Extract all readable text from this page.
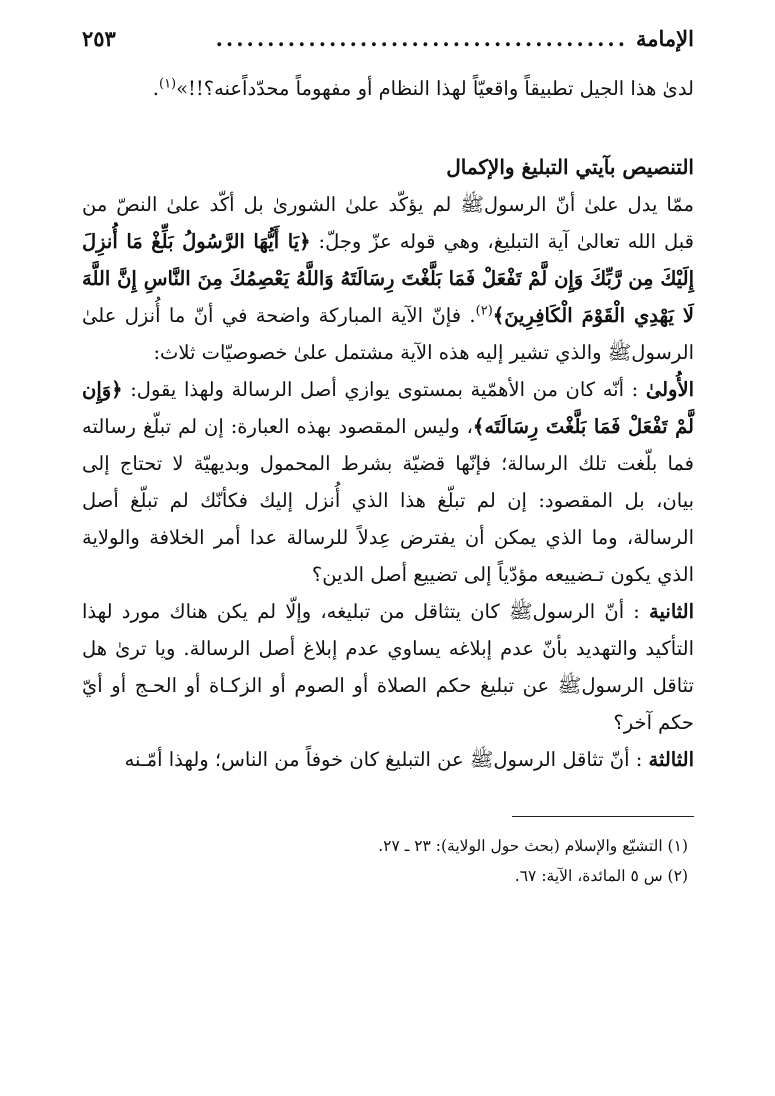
الإمامة
........................................
٢٥٣

لدىٰ هذا الجيل تطبيقاً واقعيّاً لهذا النظام أو مفهوماً محدّداًعنه؟!!»$^{(١)}$.

التنصيص بآيتي التبليغ والإكمال

ممّا يدل علىٰ أنّ الرسولﷺ لم يؤكّد علىٰ الشورىٰ بل أكّد علىٰ النصّ من قبل الله تعالىٰ آية التبليغ، وهي قوله عزّ وجلّ: ﴿يَا أَيُّهَا الرَّسُولُ بَلِّغْ مَا أُنزِلَ إِلَيْكَ مِن رَّبِّكَ وَإِن لَّمْ تَفْعَلْ فَمَا بَلَّغْتَ رِسَالَتَهُ وَاللَّهُ يَعْصِمُكَ مِنَ النَّاسِ إِنَّ اللَّهَ لَا يَهْدِي الْقَوْمَ الْكَافِرِينَ﴾$^{(٢)}$. فإنّ الآية المباركة واضحة في أنّ ما أُنزل علىٰ الرسولﷺ والذي تشير إليه هذه الآية مشتمل علىٰ خصوصيّات ثلاث:

الأُولىٰ : أنّه كان من الأهمّية بمستوى يوازي أصل الرسالة ولهذا يقول: ﴿وَإِن لَّمْ تَفْعَلْ فَمَا بَلَّغْتَ رِسَالَتَه﴾، وليس المقصود بهذه العبارة: إن لم تبلّغ رسالته فما بلّغت تلك الرسالة؛ فإنّها قضيّة بشرط المحمول وبديهيّة لا تحتاج إلى بيان، بل المقصود: إن لم تبلّغ هذا الذي أُنزل إليك فكأنّك لم تبلّغ أصل الرسالة، وما الذي يمكن أن يفترض عِدلاً للرسالة عدا أمر الخلافة والولاية الذي يكون تـضييعه مؤدّياً إلى تضييع أصل الدين؟

الثانية : أنّ الرسولﷺ كان يتثاقل من تبليغه، وإلّا لم يكن هناك مورد لهذا التأكيد والتهديد بأنّ عدم إبلاغه يساوي عدم إبلاغ أصل الرسالة. ويا ترىٰ هل تثاقل الرسولﷺ عن تبليغ حكم الصلاة أو الصوم أو الزكـاة أو الحـج أو أيّ حكم آخر؟

الثالثة : أنّ تثاقل الرسولﷺ عن التبليغ كان خوفاً من الناس؛ ولهذا أمّـنه

(١) التشيّع والإسلام (بحث حول الولاية): ٢٣ ـ ٢٧.

(٢) س ٥ المائدة، الآية: ٦٧.
